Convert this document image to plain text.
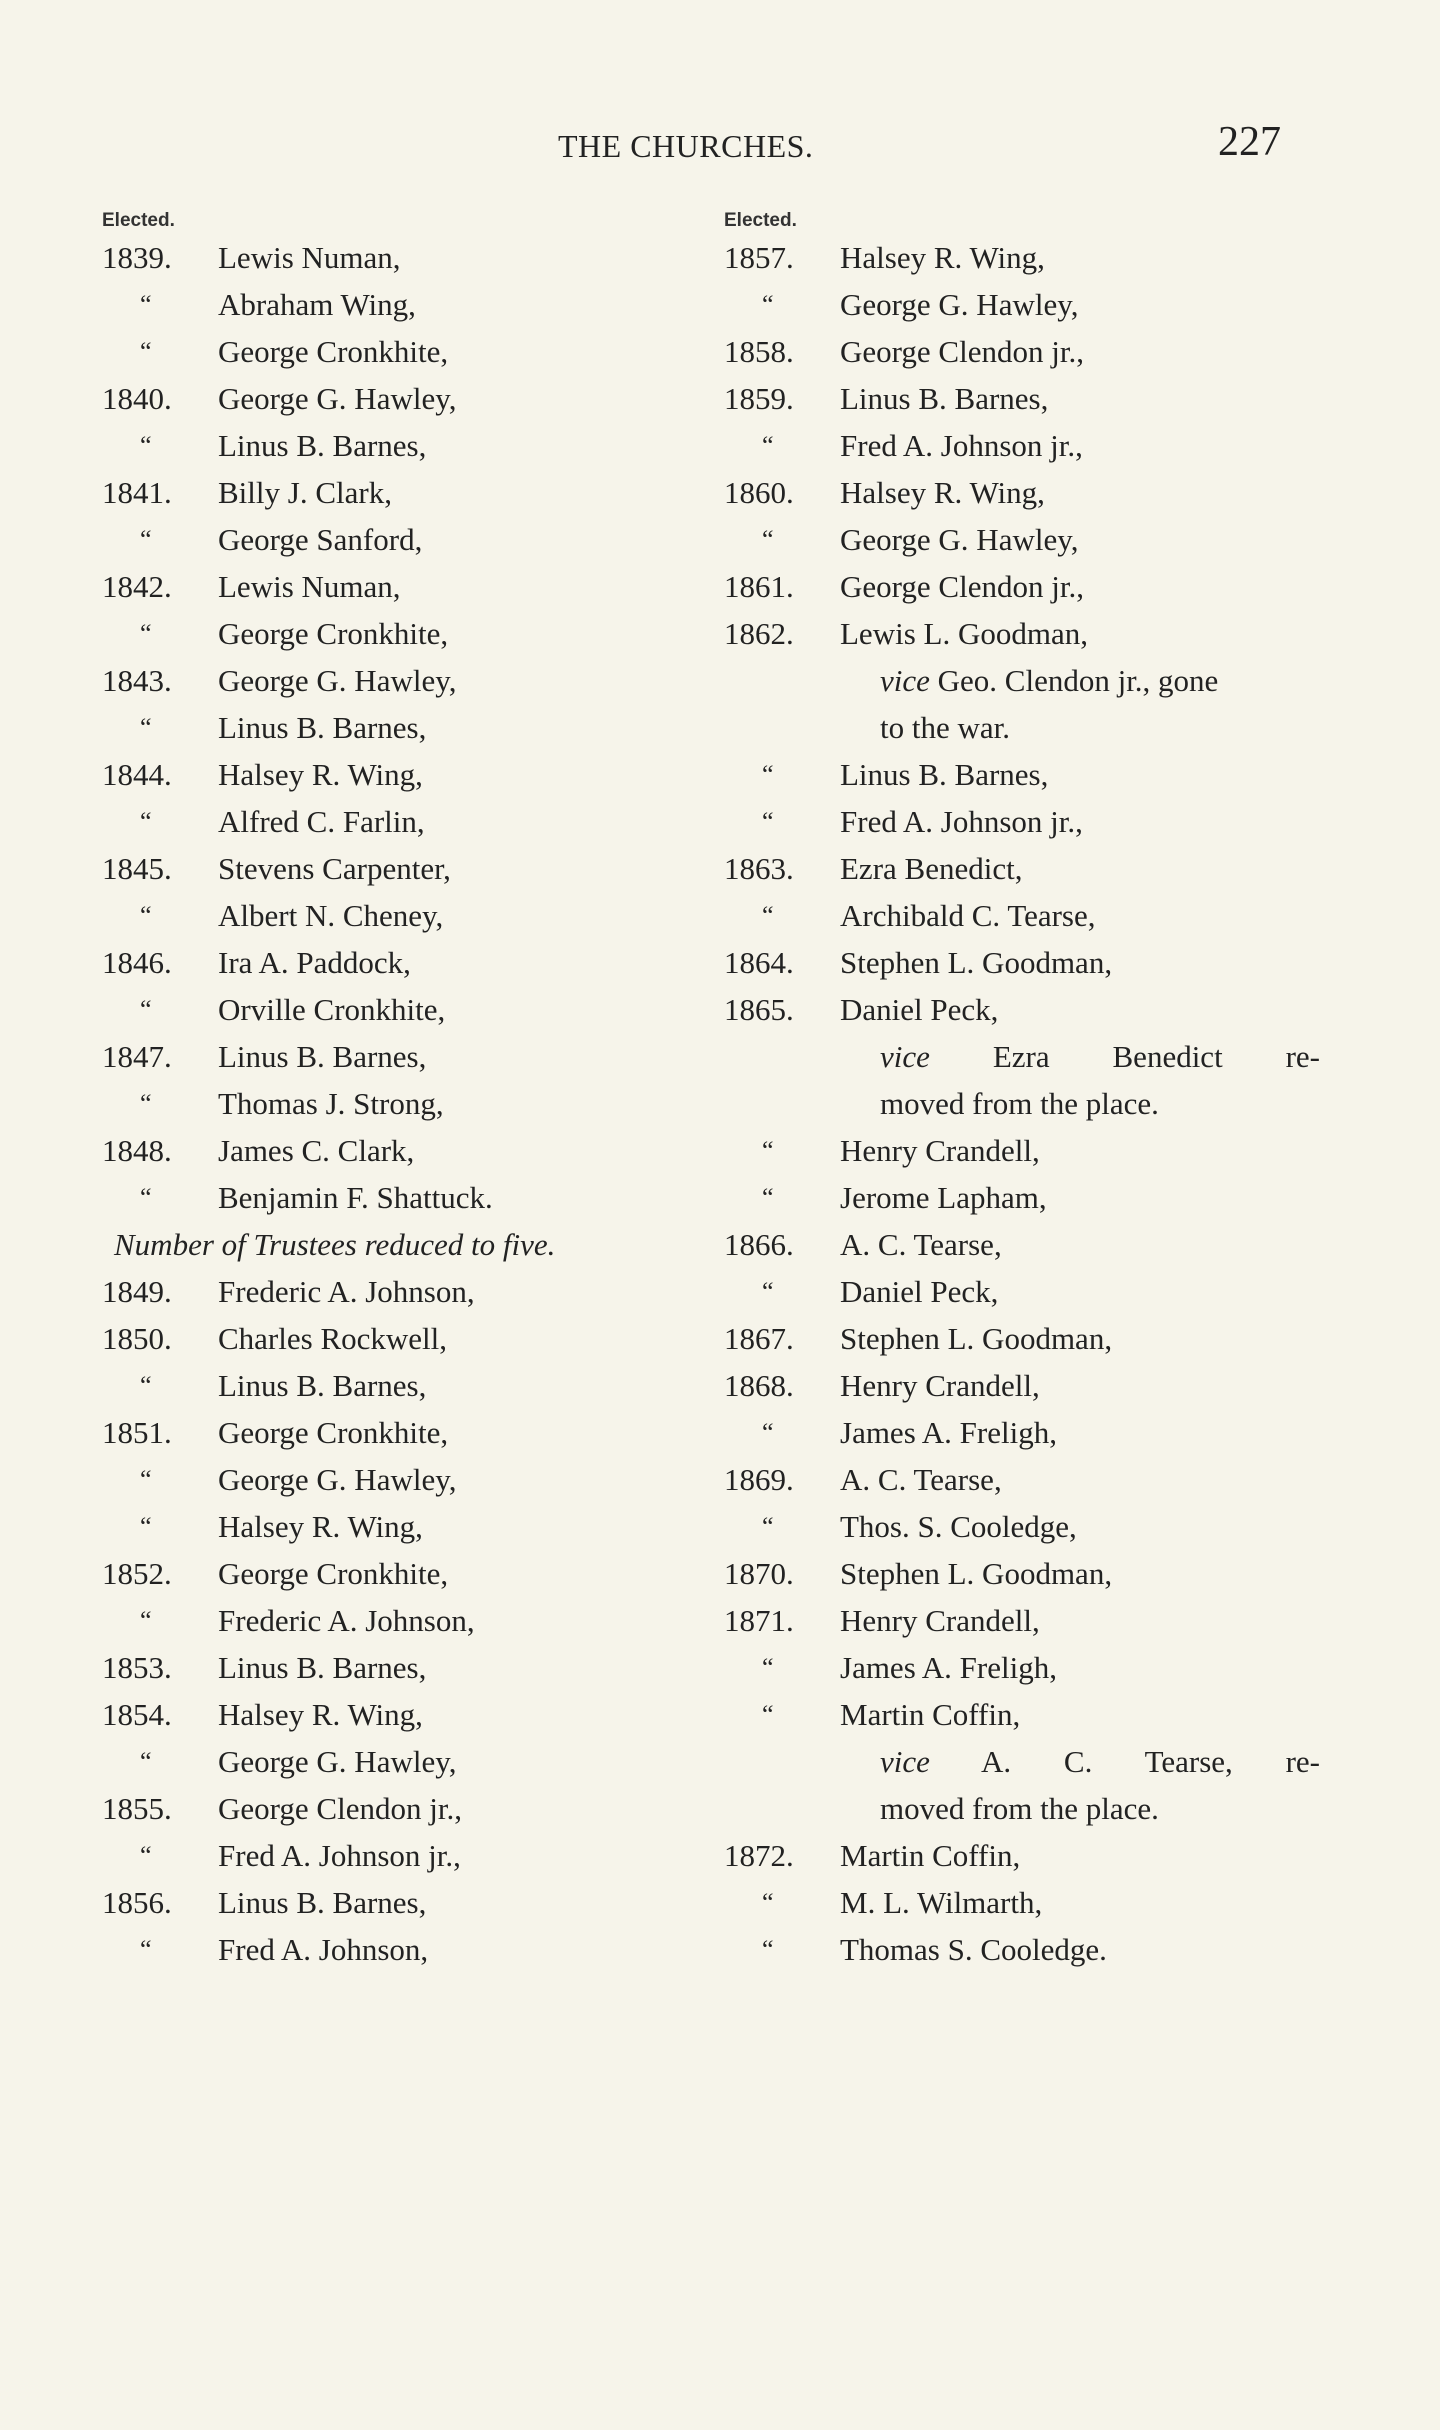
THE CHURCHES.	227
Elected.
1839. Lewis Numan,
“ Abraham Wing,
“ George Cronkhite,
1840. George G. Hawley,
“ Linus B. Barnes,
1841. Billy J. Clark,
“ George Sanford,
1842. Lewis Numan,
“ George Cronkhite,
1843. George G. Hawley,
“ Linus B. Barnes,
1844. Halsey R. Wing,
“ Alfred C. Farlin,
1845. Stevens Carpenter,
“ Albert N. Cheney,
1846. Ira A. Paddock,
“ Orville Cronkhite,
1847. Linus B. Barnes,
“ Thomas J. Strong,
1848. James C. Clark,
“ Benjamin F. Shattuck.
Number of Trustees reduced to five.
1849. Frederic A. Johnson,
1850. Charles Rockwell,
“ Linus B. Barnes,
1851. George Cronkhite,
“ George G. Hawley,
“ Halsey R. Wing,
1852. George Cronkhite,
“ Frederic A. Johnson,
1853. Linus B. Barnes,
1854. Halsey R. Wing,
“ George G. Hawley,
1855. George Clendon jr.,
“ Fred A. Johnson jr.,
1856. Linus B. Barnes,
“ Fred A. Johnson,
Elected.
1857. Halsey R. Wing,
“ George G. Hawley,
1858. George Clendon jr.,
1859. Linus B. Barnes,
“ Fred A. Johnson jr.,
1860. Halsey R. Wing,
“ George G. Hawley,
1861. George Clendon jr.,
1862. Lewis L. Goodman,
vice Geo. Clendon jr., gone
to the war.
“ Linus B. Barnes,
“ Fred A. Johnson jr.,
1863. Ezra Benedict,
“ Archibald C. Tearse,
1864. Stephen L. Goodman,
1865. Daniel Peck,
vice Ezra Benedict re-
moved from the place.
“ Henry Crandell,
“ Jerome Lapham,
1866. A. C. Tearse,
“ Daniel Peck,
1867. Stephen L. Goodman,
1868. Henry Crandell,
“ James A. Freligh,
1869. A. C. Tearse,
“ Thos. S. Cooledge,
1870. Stephen L. Goodman,
1871. Henry Crandell,
“ James A. Freligh,
“ Martin Coffin,
vice A. C. Tearse, re-
moved from the place.
1872. Martin Coffin,
“ M. L. Wilmarth,
“ Thomas S. Cooledge.
